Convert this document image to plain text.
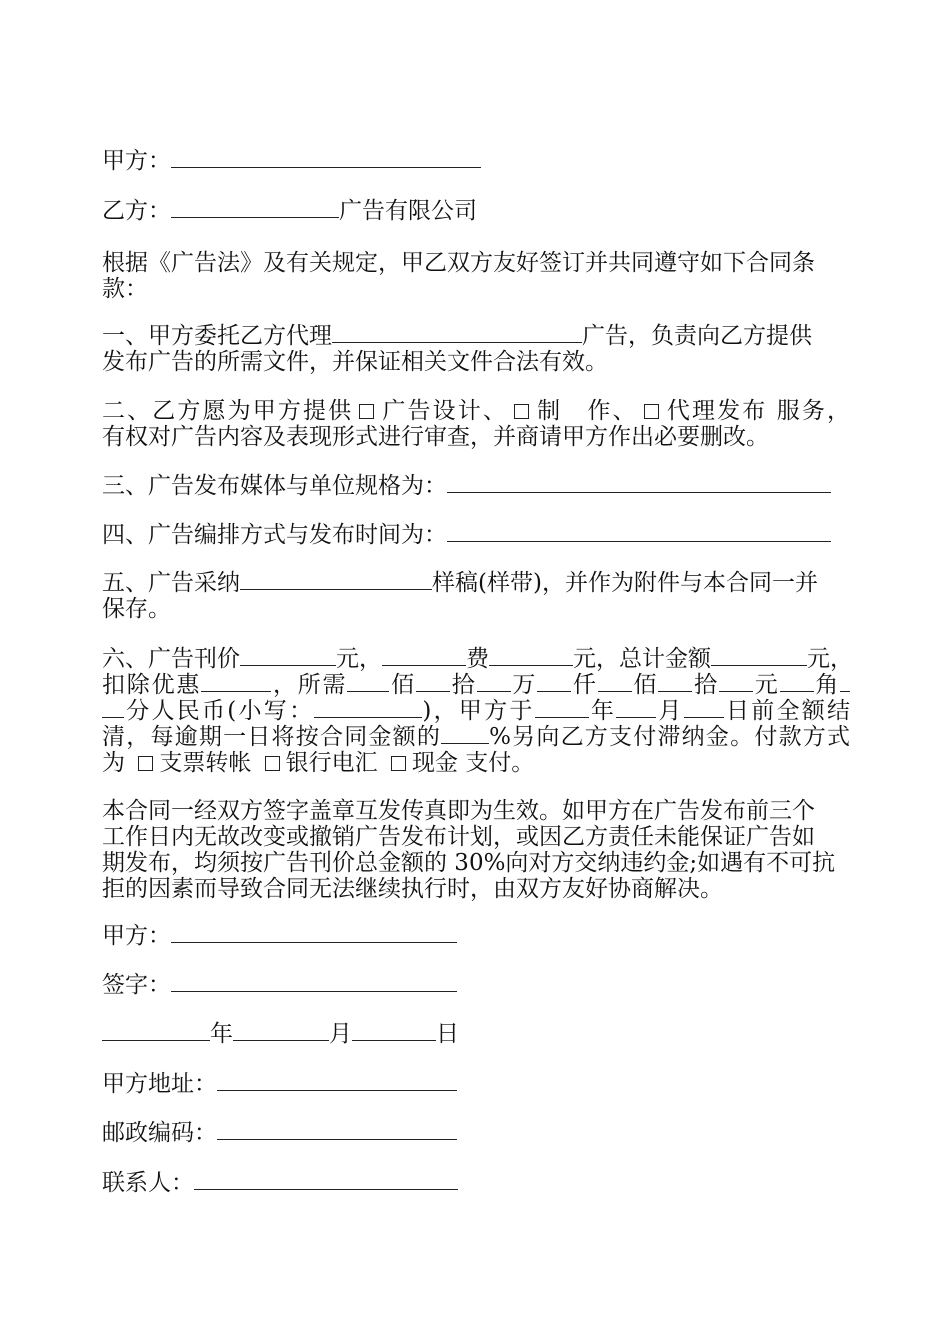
甲方：
乙方：	广告有限公司
根据《广告法》及有关规定，甲乙双方友好签订并共同遵守如下合同条
款：
一、甲方委托乙方代理	广告，负责向乙方提供
发布广告的所需文件，并保证相关文件合法有效。
二、乙方愿为甲方提供 广告设计、 制　作、 代理发布 服务，
有权对广告内容及表现形式进行审查，并商请甲方作出必要删改。
三、广告发布媒体与单位规格为：
四、广告编排方式与发布时间为：
五、广告采纳	样稿(样带)，并作为附件与本合同一并
保存。
六、广告刊价	元，	费	元，总计金额	元，
扣除优惠	，所需 佰 拾 万 仟 佰 拾 元 角
分人民币(小写：	)，甲方于 年 月 日前全额结
清，每逾期一日将按合同金额的 %另向乙方支付滞纳金。付款方式
为 支票转帐 银行电汇 现金 支付。
本合同一经双方签字盖章互发传真即为生效。如甲方在广告发布前三个
工作日内无故改变或撤销广告发布计划，或因乙方责任未能保证广告如
期发布，均须按广告刊价总金额的 30%向对方交纳违约金;如遇有不可抗
拒的因素而导致合同无法继续执行时，由双方友好协商解决。
甲方：
签字：
年	月	日
甲方地址：
邮政编码：
联系人：
